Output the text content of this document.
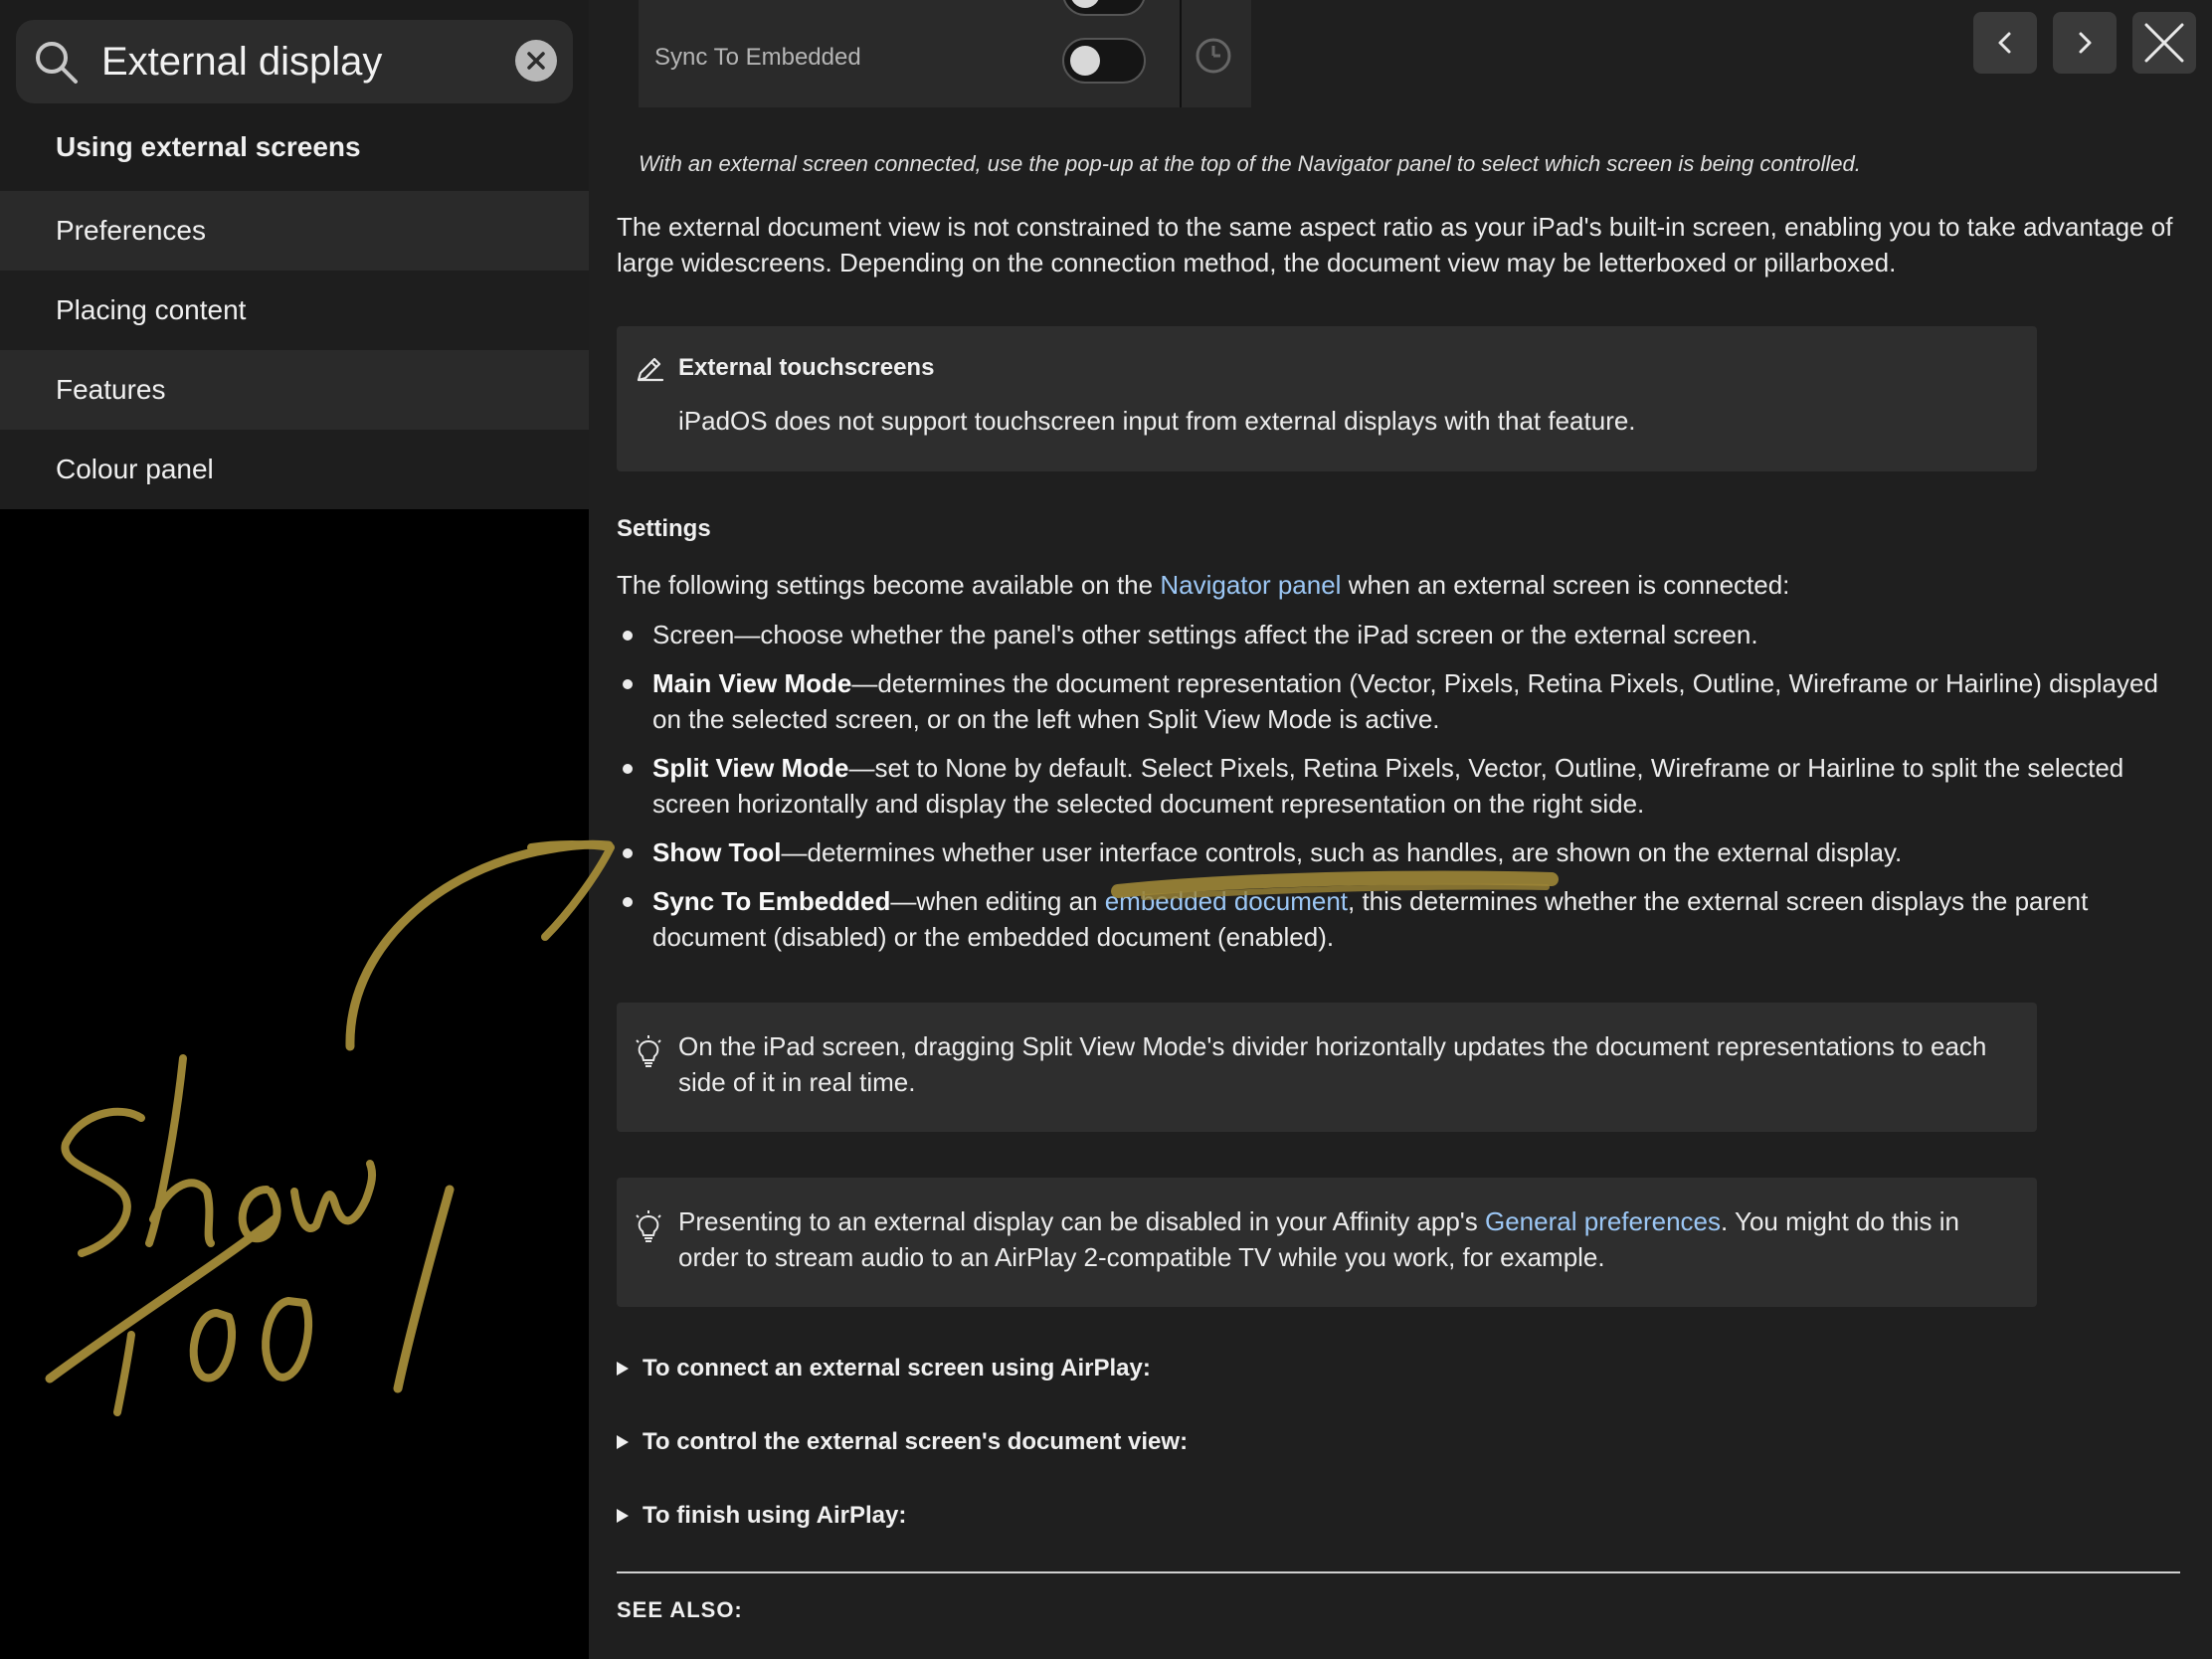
External display
Using external screens
Preferences
Placing content
Features
Colour panel
Sync To Embedded
With an external screen connected, use the pop-up at the top of the Navigator panel to select which screen is being controlled.
The external document view is not constrained to the same aspect ratio as your iPad's built-in screen, enabling you to take advantage of large widescreens. Depending on the connection method, the document view may be letterboxed or pillarboxed.
External touchscreens
iPadOS does not support touchscreen input from external displays with that feature.
Settings
The following settings become available on the Navigator panel when an external screen is connected:
Screen—choose whether the panel's other settings affect the iPad screen or the external screen.
Main View Mode—determines the document representation (Vector, Pixels, Retina Pixels, Outline, Wireframe or Hairline) displayed on the selected screen, or on the left when Split View Mode is active.
Split View Mode—set to None by default. Select Pixels, Retina Pixels, Vector, Outline, Wireframe or Hairline to split the selected screen horizontally and display the selected document representation on the right side.
Show Tool—determines whether user interface controls, such as handles, are shown on the external display.
Sync To Embedded—when editing an embedded document, this determines whether the external screen displays the parent document (disabled) or the embedded document (enabled).
On the iPad screen, dragging Split View Mode's divider horizontally updates the document representations to each side of it in real time.
Presenting to an external display can be disabled in your Affinity app's General preferences. You might do this in order to stream audio to an AirPlay 2-compatible TV while you work, for example.
To connect an external screen using AirPlay:
To control the external screen's document view:
To finish using AirPlay:
SEE ALSO:
